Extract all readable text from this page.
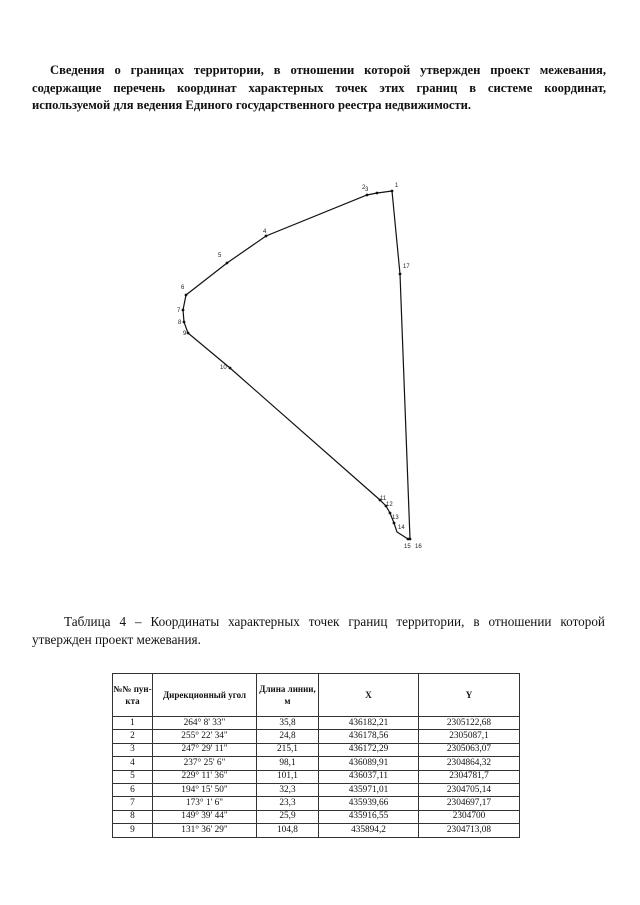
Сведения о границах территории, в отношении которой утвержден проект межевания, содержащие перечень координат характерных точек этих границ в системе координат, используемой для ведения Единого государственного реестра недвижимости.

1
2 3
4
5
6
7
8
9
10
11
12
13
14
15 16
17

Таблица 4 – Координаты характерных точек границ территории, в отношении которой утвержден проект межевания.

№№ пун- кта	Дирекционный угол	Длина линии, м	X	Y
1	264° 8' 33"	35,8	436182,21	2305122,68
2	255° 22' 34"	24,8	436178,56	2305087,1
3	247° 29' 11"	215,1	436172,29	2305063,07
4	237° 25' 6"	98,1	436089,91	2304864,32
5	229° 11' 36"	101,1	436037,11	2304781,7
6	194° 15' 50"	32,3	435971,01	2304705,14
7	173° 1' 6"	23,3	435939,66	2304697,17
8	149° 39' 44"	25,9	435916,55	2304700
9	131° 36' 29"	104,8	435894,2	2304713,08
